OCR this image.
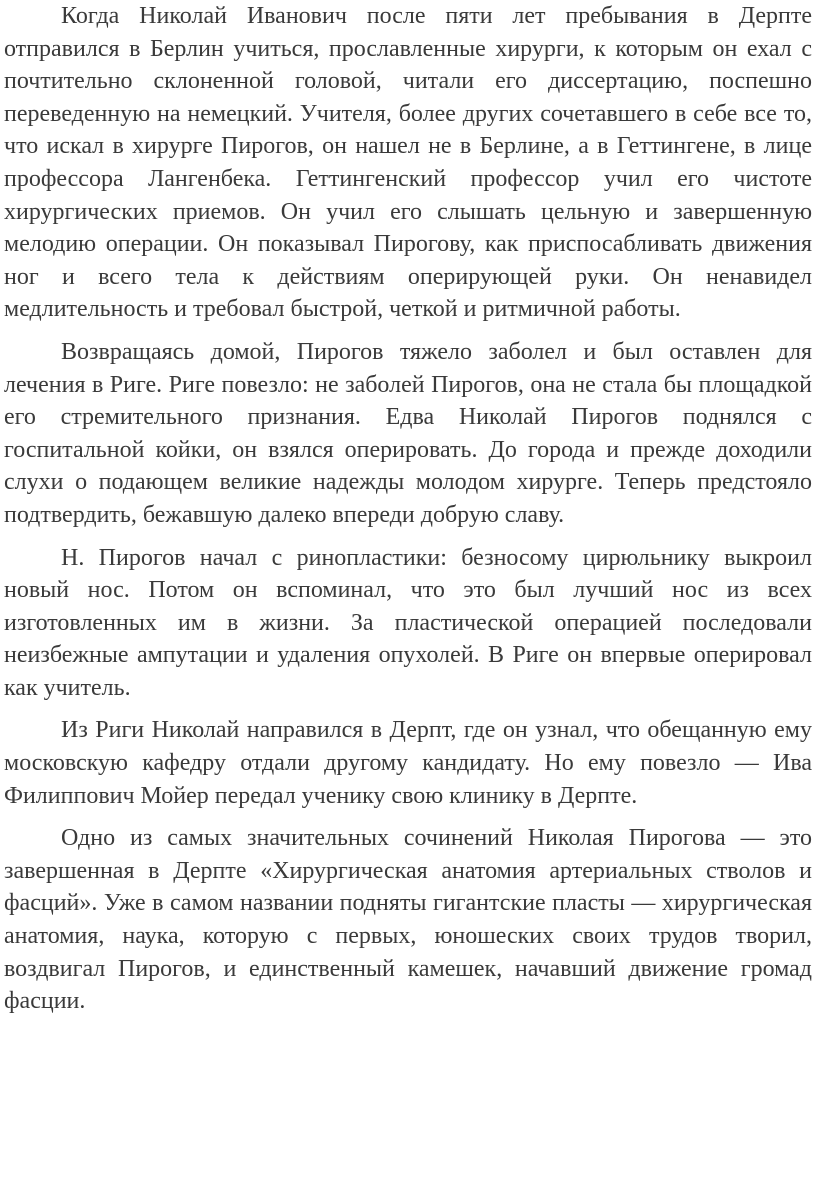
Когда Николай Иванович после пяти лет пребывания в Дерпте отправился в Берлин учиться, прославленные хирурги, к которым он ехал с почтительно склоненной головой, читали его диссертацию, поспешно переведенную на немецкий. Учителя, более других сочетавшего в себе все то, что искал в хирурге Пирогов, он нашел не в Берлине, а в Геттингене, в лице профессора Лангенбека. Геттингенский профессор учил его чистоте хирургических приемов. Он учил его слышать цельную и завершенную мелодию операции. Он показывал Пирогову, как приспосабливать движения ног и всего тела к действиям оперирующей руки. Он ненавидел медлительность и требовал быстрой, четкой и ритмичной работы.

Возвращаясь домой, Пирогов тяжело заболел и был оставлен для лечения в Риге. Риге повезло: не заболей Пирогов, она не стала бы площадкой его стремительного признания. Едва Николай Пирогов поднялся с госпитальной койки, он взялся оперировать. До города и прежде доходили слухи о подающем великие надежды молодом хирурге. Теперь предстояло подтвердить, бежавшую далеко впереди добрую славу.

Н. Пирогов начал с ринопластики: безносому цирюльнику выкроил новый нос. Потом он вспоминал, что это был лучший нос из всех изготовленных им в жизни. За пластической операцией последовали неизбежные ампутации и удаления опухолей. В Риге он впервые оперировал как учитель.

Из Риги Николай направился в Дерпт, где он узнал, что обещанную ему московскую кафедру отдали другому кандидату. Но ему повезло — Ива Филиппович Мойер передал ученику свою клинику в Дерпте.

Одно из самых значительных сочинений Николая Пирогова — это завершенная в Дерпте «Хирургическая анатомия артериальных стволов и фасций». Уже в самом названии подняты гигантские пласты — хирургическая анатомия, наука, которую с первых, юношеских своих трудов творил, воздвигал Пирогов, и единственный камешек, начавший движение громад фасции.
